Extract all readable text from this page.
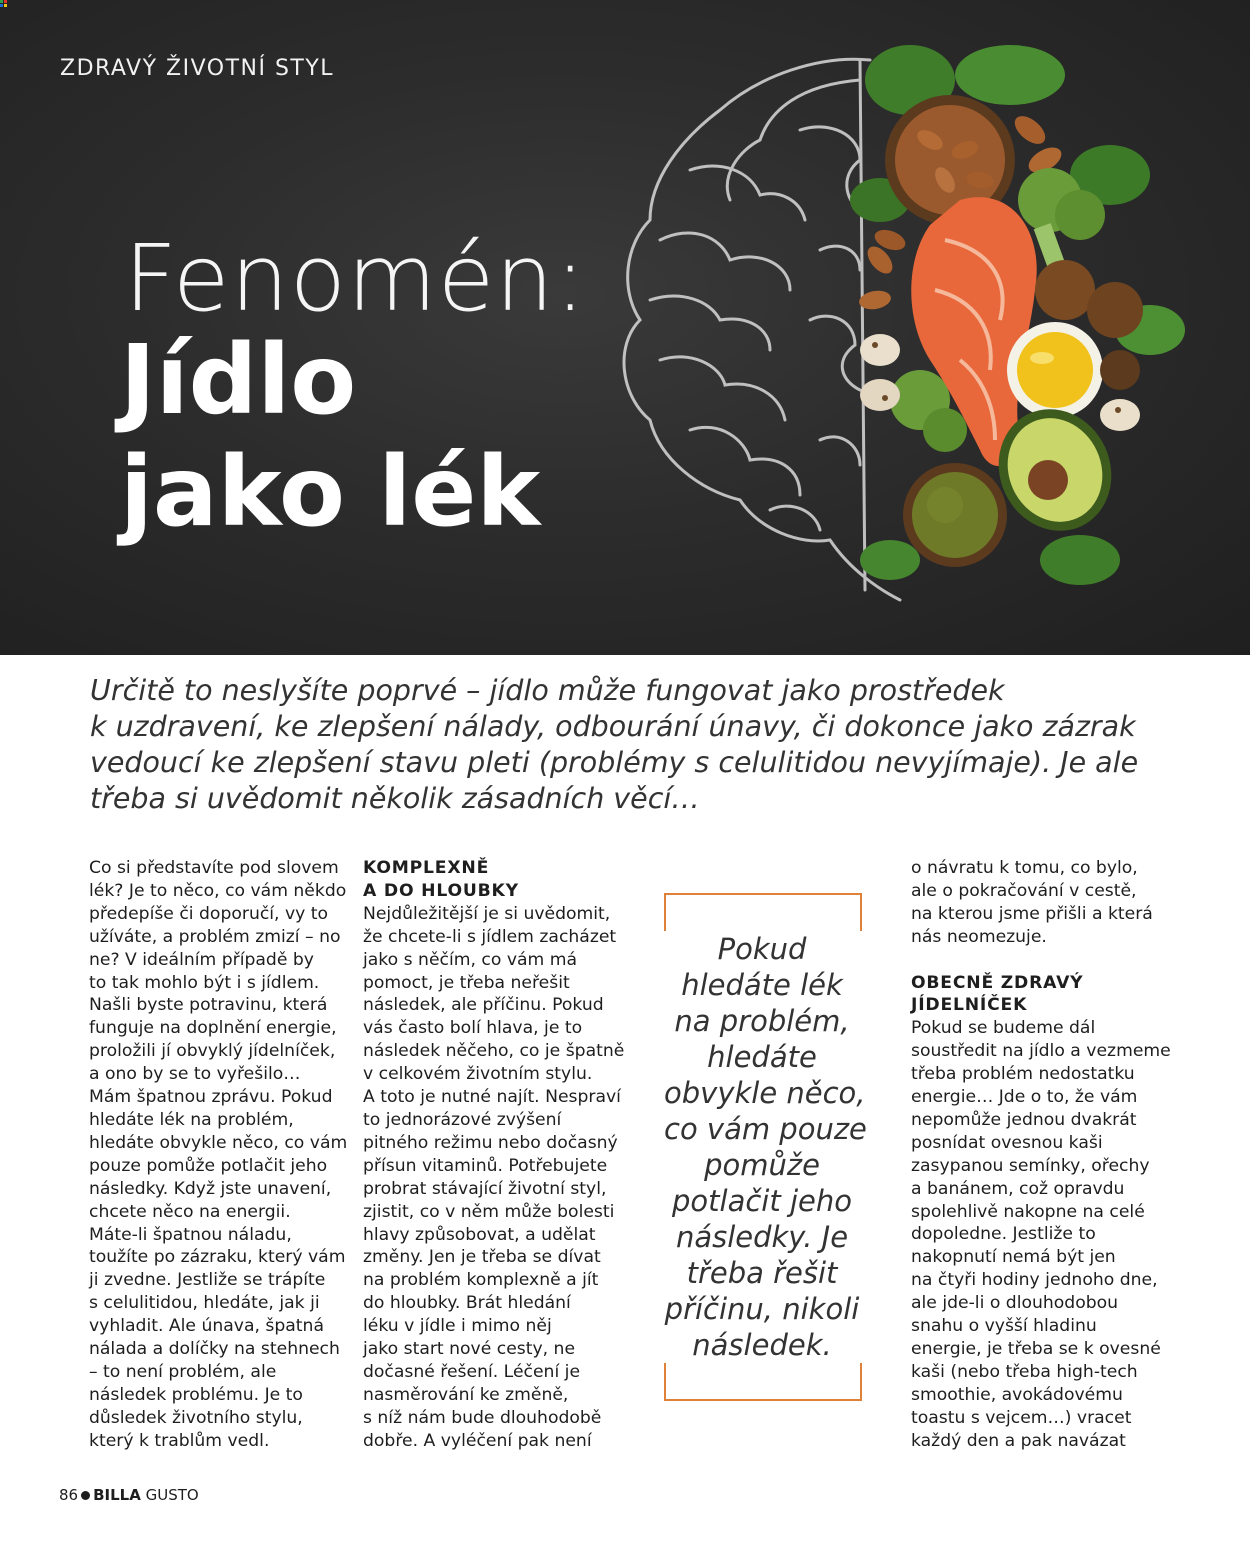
ZDRAVÝ ŽIVOTNÍ STYL
Fenomén:
Jídlo
jako lék

Určitě to neslyšíte poprvé – jídlo může fungovat jako prostředek

k uzdravení, ke zlepšení nálady, odbourání únavy, či dokonce jako zázrak

vedoucí ke zlepšení stavu pleti (problémy s celulitidou nevyjímaje). Je ale

třeba si uvědomit několik zásadních věcí…

Co si představíte pod slovem

lék? Je to něco, co vám někdo

předepíše či doporučí, vy to

užíváte, a problém zmizí – no

ne? V ideálním případě by

to tak mohlo být i s jídlem.

Našli byste potravinu, která

funguje na doplnění energie,

proložili jí obvyklý jídelníček,

a ono by se to vyřešilo…

Mám špatnou zprávu. Pokud

hledáte lék na problém,

hledáte obvykle něco, co vám

pouze pomůže potlačit jeho

následky. Když jste unavení,

chcete něco na energii.

Máte-li špatnou náladu,

toužíte po zázraku, který vám

ji zvedne. Jestliže se trápíte

s celulitidou, hledáte, jak ji

vyhladit. Ale únava, špatná

nálada a dolíčky na stehnech

– to není problém, ale

následek problému. Je to

důsledek životního stylu,

který k trablům vedl.

KOMPLEXNĚ

A DO HLOUBKY

Nejdůležitější je si uvědomit,

že chcete-li s jídlem zacházet

jako s něčím, co vám má

pomoct, je třeba neřešit

následek, ale příčinu. Pokud

vás často bolí hlava, je to

následek něčeho, co je špatně

v celkovém životním stylu.

A toto je nutné najít. Nespraví

to jednorázové zvýšení

pitného režimu nebo dočasný

přísun vitaminů. Potřebujete

probrat stávající životní styl,

zjistit, co v něm může bolesti

hlavy způsobovat, a udělat

změny. Jen je třeba se dívat

na problém komplexně a jít

do hloubky. Brát hledání

léku v jídle i mimo něj

jako start nové cesty, ne

dočasné řešení. Léčení je

nasměrování ke změně,

s níž nám bude dlouhodobě

dobře. A vyléčení pak není

Pokud

hledáte lék

na problém,

hledáte

obvykle něco,

co vám pouze

pomůže

potlačit jeho

následky. Je

třeba řešit

příčinu, nikoli

následek.

o návratu k tomu, co bylo,

ale o pokračování v cestě,

na kterou jsme přišli a která

nás neomezuje.

OBECNĚ ZDRAVÝ

JÍDELNÍČEK

Pokud se budeme dál

soustředit na jídlo a vezmeme

třeba problém nedostatku

energie… Jde o to, že vám

nepomůže jednou dvakrát

posnídat ovesnou kaši

zasypanou semínky, ořechy

a banánem, což opravdu

spolehlivě nakopne na celé

dopoledne. Jestliže to

nakopnutí nemá být jen

na čtyři hodiny jednoho dne,

ale jde-li o dlouhodobou

snahu o vyšší hladinu

energie, je třeba se k ovesné

kaši (nebo třeba high-tech

smoothie, avokádovému

toastu s vejcem…) vracet

každý den a pak navázat

86 BILLA GUSTO
